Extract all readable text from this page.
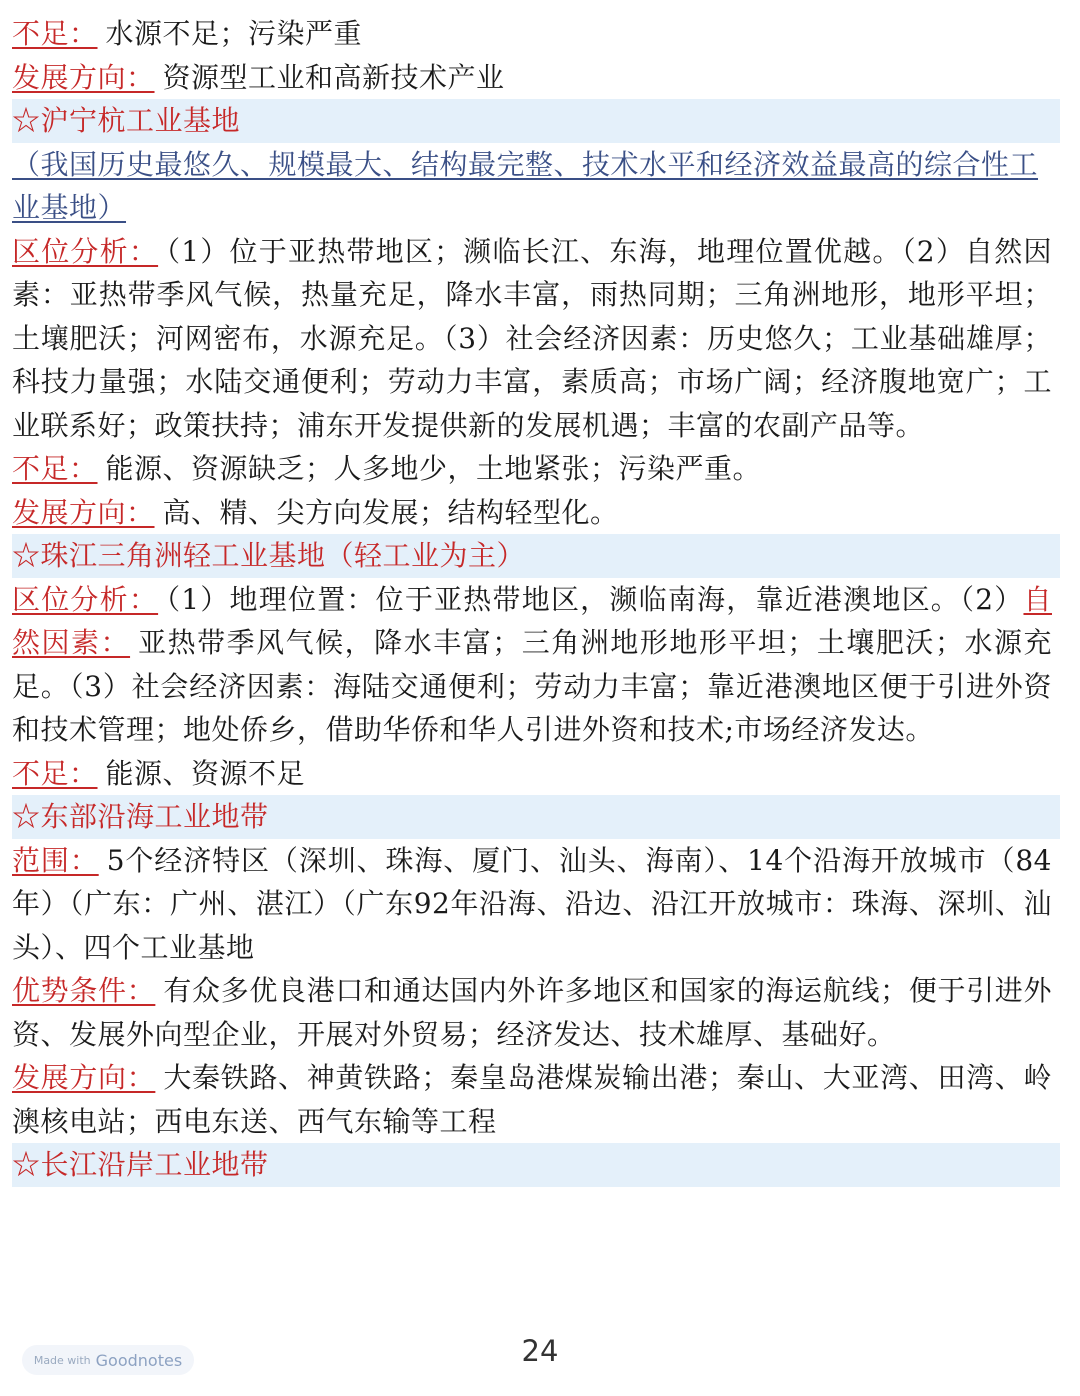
不足： 水源不足；污染严重
发展方向： 资源型工业和高新技术产业
☆沪宁杭工业基地
（我国历史最悠久、规模最大、结构最完整、技术水平和经济效益最高的综合性工业基地）
区位分析： （1）位于亚热带地区；濒临长江、东海，地理位置优越。（2）自然因素：亚热带季风气候，热量充足，降水丰富，雨热同期；三角洲地形，地形平坦；土壤肥沃；河网密布，水源充足。（3）社会经济因素：历史悠久；工业基础雄厚；科技力量强；水陆交通便利；劳动力丰富，素质高；市场广阔；经济腹地宽广；工业联系好；政策扶持；浦东开发提供新的发展机遇；丰富的农副产品等。
不足： 能源、资源缺乏；人多地少，土地紧张；污染严重。
发展方向： 高、精、尖方向发展；结构轻型化。
☆珠江三角洲轻工业基地（轻工业为主）
区位分析： （1）地理位置：位于亚热带地区，濒临南海，靠近港澳地区。（2）自然因素： 亚热带季风气候，降水丰富；三角洲地形地形平坦；土壤肥沃；水源充足。（3）社会经济因素：海陆交通便利；劳动力丰富；靠近港澳地区便于引进外资和技术管理；地处侨乡，借助华侨和华人引进外资和技术;市场经济发达。
不足： 能源、资源不足
☆东部沿海工业地带
范围： 5个经济特区（深圳、珠海、厦门、汕头、海南）、14个沿海开放城市（84年）（广东：广州、湛江）（广东92年沿海、沿边、沿江开放城市：珠海、深圳、汕头）、四个工业基地
优势条件： 有众多优良港口和通达国内外许多地区和国家的海运航线；便于引进外资、发展外向型企业，开展对外贸易；经济发达、技术雄厚、基础好。
发展方向： 大秦铁路、神黄铁路；秦皇岛港煤炭输出港；秦山、大亚湾、田湾、岭澳核电站；西电东送、西气东输等工程
☆长江沿岸工业地带
24
Made with Goodnotes
